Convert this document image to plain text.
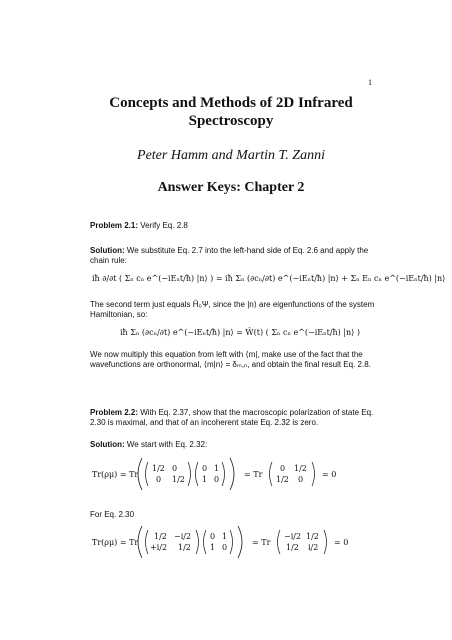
1
Concepts and Methods of 2D Infrared
Spectroscopy
Peter Hamm and Martin T. Zanni
Answer Keys: Chapter 2
Problem 2.1: Verify Eq. 2.8
Solution: We substitute Eq. 2.7 into the left-hand side of Eq. 2.6 and apply the chain rule:
iħ ∂/∂t ( Σₙ cₙ e^(−iEₙt/ħ) |n⟩ ) = iħ Σₙ (∂cₙ/∂t) e^(−iEₙt/ħ) |n⟩ + Σₙ Eₙ cₙ e^(−iEₙt/ħ) |n⟩
The second term just equals Ĥ₀Ψ, since the |n⟩ are eigenfunctions of the system Hamiltonian, so:
iħ Σₙ (∂cₙ/∂t) e^(−iEₙt/ħ) |n⟩ = Ŵ(t) ( Σₙ cₙ e^(−iEₙt/ħ) |n⟩ )
We now multiply this equation from left with ⟨m|, make use of the fact that the wavefunctions are orthonormal, ⟨m|n⟩ = δₘ,ₙ, and obtain the final result Eq. 2.8.
Problem 2.2: With Eq. 2.37, show that the macroscopic polarization of state Eq. 2.30 is maximal, and that of an incoherent state Eq. 2.32 is zero.
Solution: We start with Eq. 2.32:
Tr(ρμ) = Tr
1/2 0
0 1/2
0 1
1 0
= Tr
0 1/2
1/2 0
= 0
For Eq. 2.30
Tr(ρμ) = Tr
1/2 −i/2
+i/2 1/2
0 1
1 0
= Tr
−i/2 1/2
1/2 i/2
= 0
